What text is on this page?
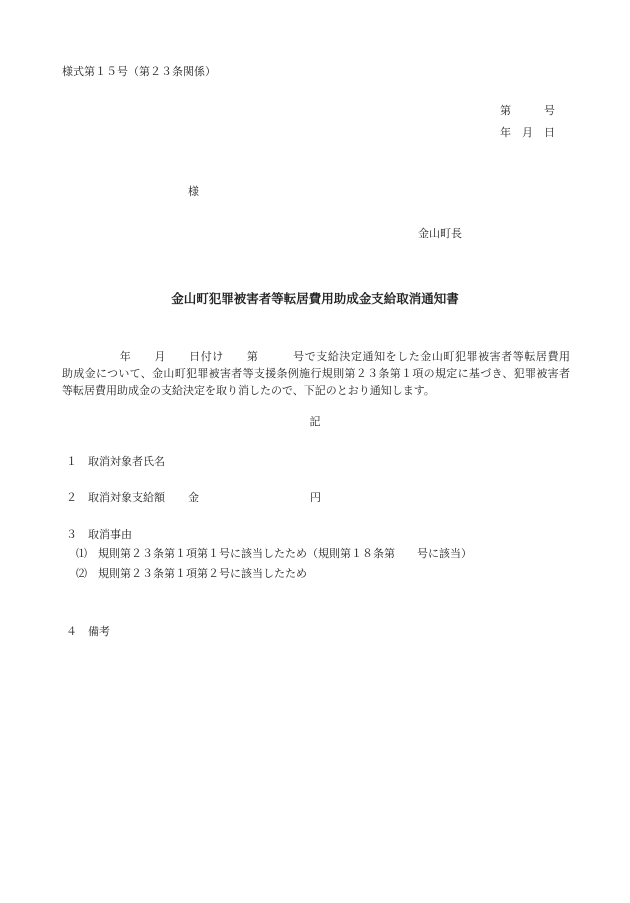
様式第１５号（第２３条関係）
第　　　号
年　月　日
様
金山町長
金山町犯罪被害者等転居費用助成金支給取消通知書
　　　　　年　　月　　日付け　　第　　　号で支給決定通知をした金山町犯罪被害者等転居費用
助成金について、金山町犯罪被害者等支援条例施行規則第２３条第１項の規定に基づき、犯罪被害者
等転居費用助成金の支給決定を取り消したので、下記のとおり通知します。
記
１　取消対象者氏名
２　取消対象支給額 金	円
３　取消事由
⑴　規則第２３条第１項第１号に該当したため（規則第１８条第　　号に該当）
⑵　規則第２３条第１項第２号に該当したため
４　備考
